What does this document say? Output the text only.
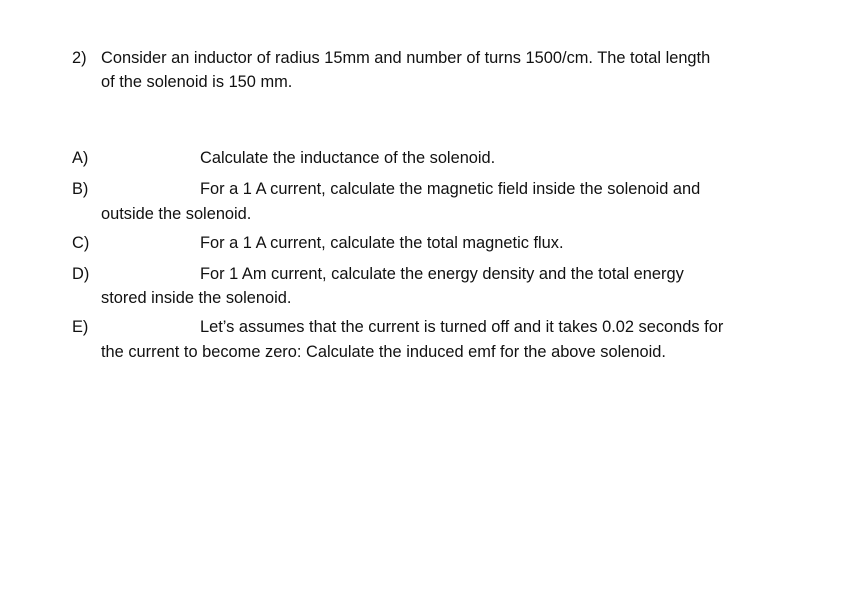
2) Consider an inductor of radius 15mm and number of turns 1500/cm. The total length
of the solenoid is 150 mm.
A)	Calculate the inductance of the solenoid.
B)	For a 1 A current, calculate the magnetic field inside the solenoid and
outside the solenoid.
C)	For a 1 A current, calculate the total magnetic flux.
D)	For 1 Am current, calculate the energy density and the total energy
stored inside the solenoid.
E)	Let’s assumes that the current is turned off and it takes 0.02 seconds for
the current to become zero: Calculate the induced emf for the above solenoid.
